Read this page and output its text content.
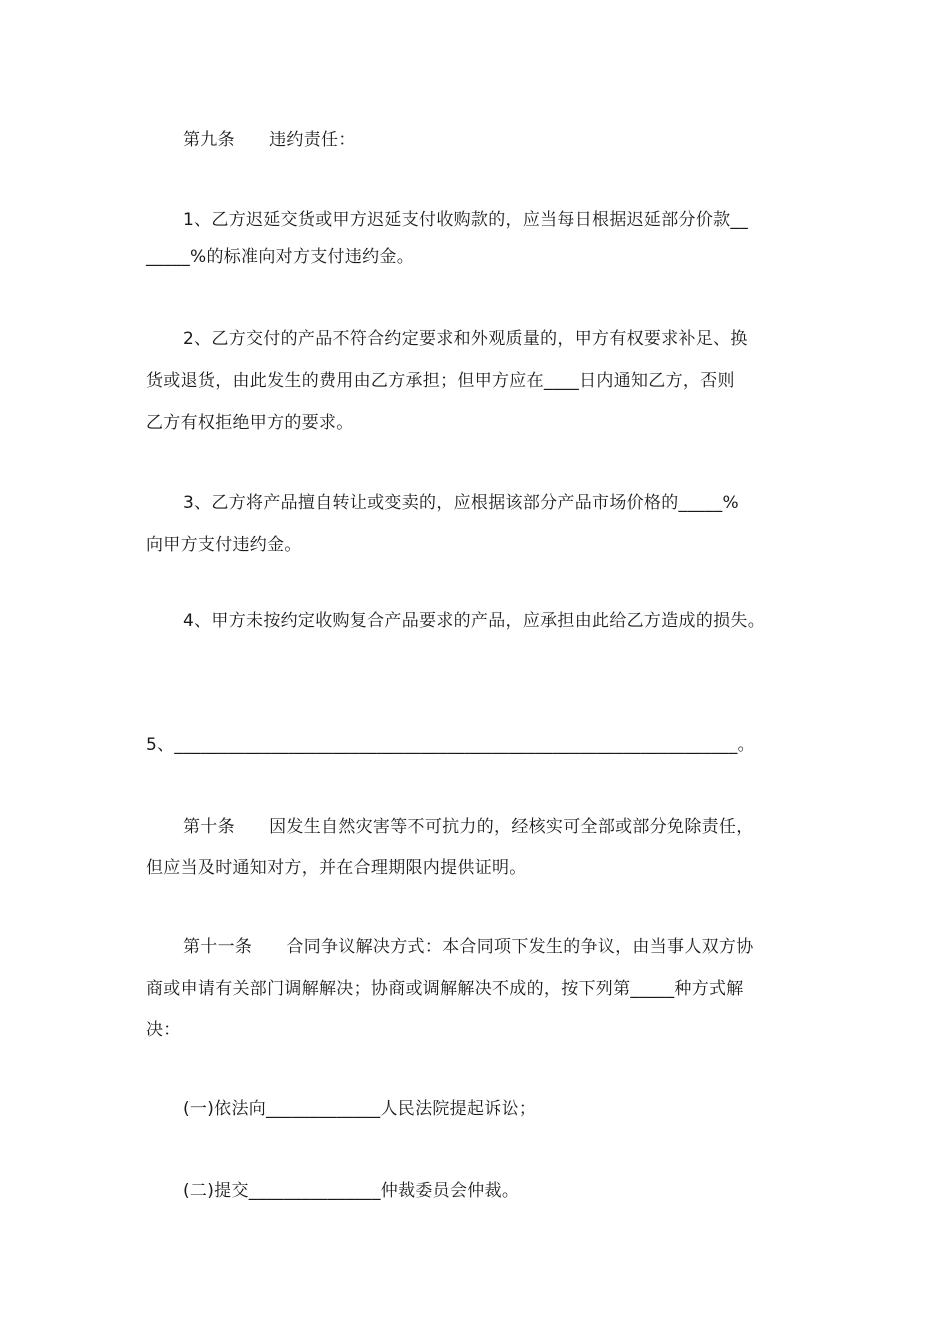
第九条      违约责任：
1、乙方迟延交货或甲方迟延支付收购款的，应当每日根据迟延部分价款__
_____%的标准向对方支付违约金。
2、乙方交付的产品不符合约定要求和外观质量的，甲方有权要求补足、换
货或退货，由此发生的费用由乙方承担；但甲方应在____日内通知乙方，否则
乙方有权拒绝甲方的要求。
3、乙方将产品擅自转让或变卖的，应根据该部分产品市场价格的_____%
向甲方支付违约金。
4、甲方未按约定收购复合产品要求的产品，应承担由此给乙方造成的损失。
5、________________________________________________________________。
第十条      因发生自然灾害等不可抗力的，经核实可全部或部分免除责任，
但应当及时通知对方，并在合理期限内提供证明。
第十一条      合同争议解决方式：本合同项下发生的争议，由当事人双方协
商或申请有关部门调解解决；协商或调解解决不成的，按下列第_____种方式解
决：
(一)依法向_____________人民法院提起诉讼；
(二)提交_______________仲裁委员会仲裁。
